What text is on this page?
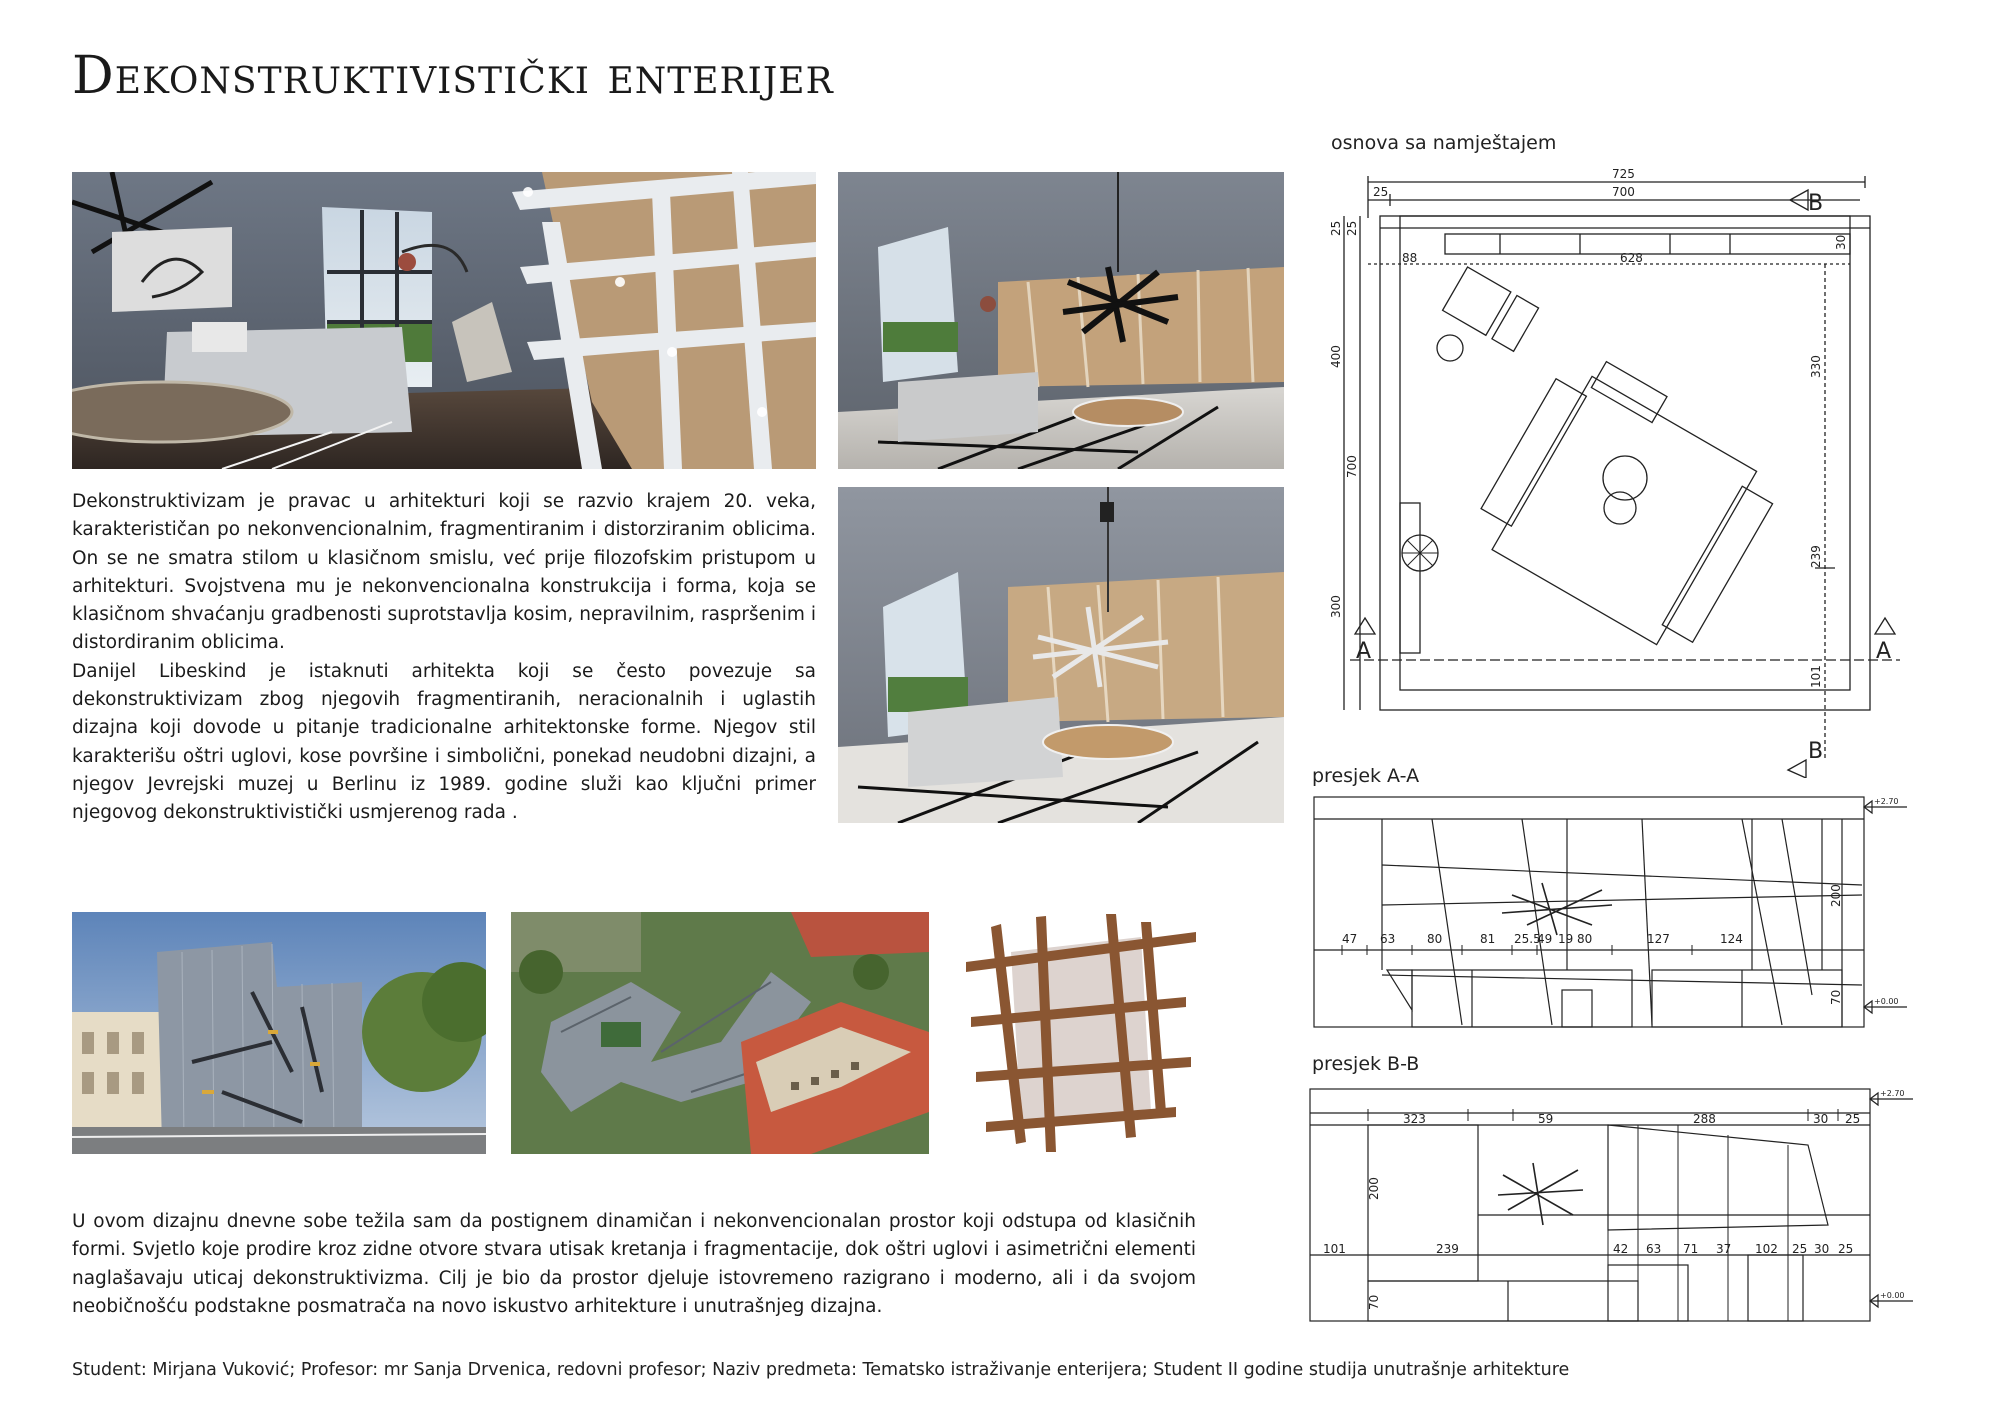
Dekonstruktivistički enterijer

Dekonstruktivizam je pravac u arhitekturi koji se razvio krajem 20. veka, karakterističan po nekonvencionalnim, fragmentiranim i distorziranim oblicima. On se ne smatra stilom u klasičnom smislu, već prije filozofskim pristupom u arhitekturi. Svojstvena mu je nekonvencionalna konstrukcija i forma, koja se klasičnom shvaćanju gradbenosti suprotstavlja kosim, nepravilnim, raspršenim i distordiranim oblicima.

Danijel Libeskind je istaknuti arhitekta koji se često povezuje sa dekonstruktivizam zbog njegovih fragmentiranih, neracionalnih i uglastih dizajna koji dovode u pitanje tradicionalne arhitektonske forme. Njegov stil karakterišu oštri uglovi, kose površine i simbolični, ponekad neudobni dizajni, a njegov Jevrejski muzej u Berlinu iz 1989. godine služi kao ključni primer njegovog dekonstruktivistički usmjerenog rada .

U ovom dizajnu dnevne sobe težila sam da postignem dinamičan i nekonvencionalan prostor koji odstupa od klasičnih formi. Svjetlo koje prodire kroz zidne otvore stvara utisak kretanja i fragmentacije, dok oštri uglovi i asimetrični elementi naglašavaju uticaj dekonstruktivizma. Cilj je bio da prostor djeluje istovremeno razigrano i moderno, ali i da svojom neobičnošću podstakne posmatrača na novo iskustvo arhitekture i unutrašnjeg dizajna.
Student: Mirjana Vuković; Profesor: mr Sanja Drvenica, redovni profesor; Naziv predmeta: Tematsko istraživanje enterijera; Student II godine studija unutrašnje arhitekture
osnova sa namještajem
725
25	700	B
30
88	628
400
700
300
25 25
330
239
101
A	A
B
presjek A-A
47 63	80	81 25.5
49 19 80	127	124
200
70
+2.70
+0.00
presjek B-B
323	59	288	30 25
200
101	239	42 63 71 37 102 25 30 25
70
+2.70
+0.00
